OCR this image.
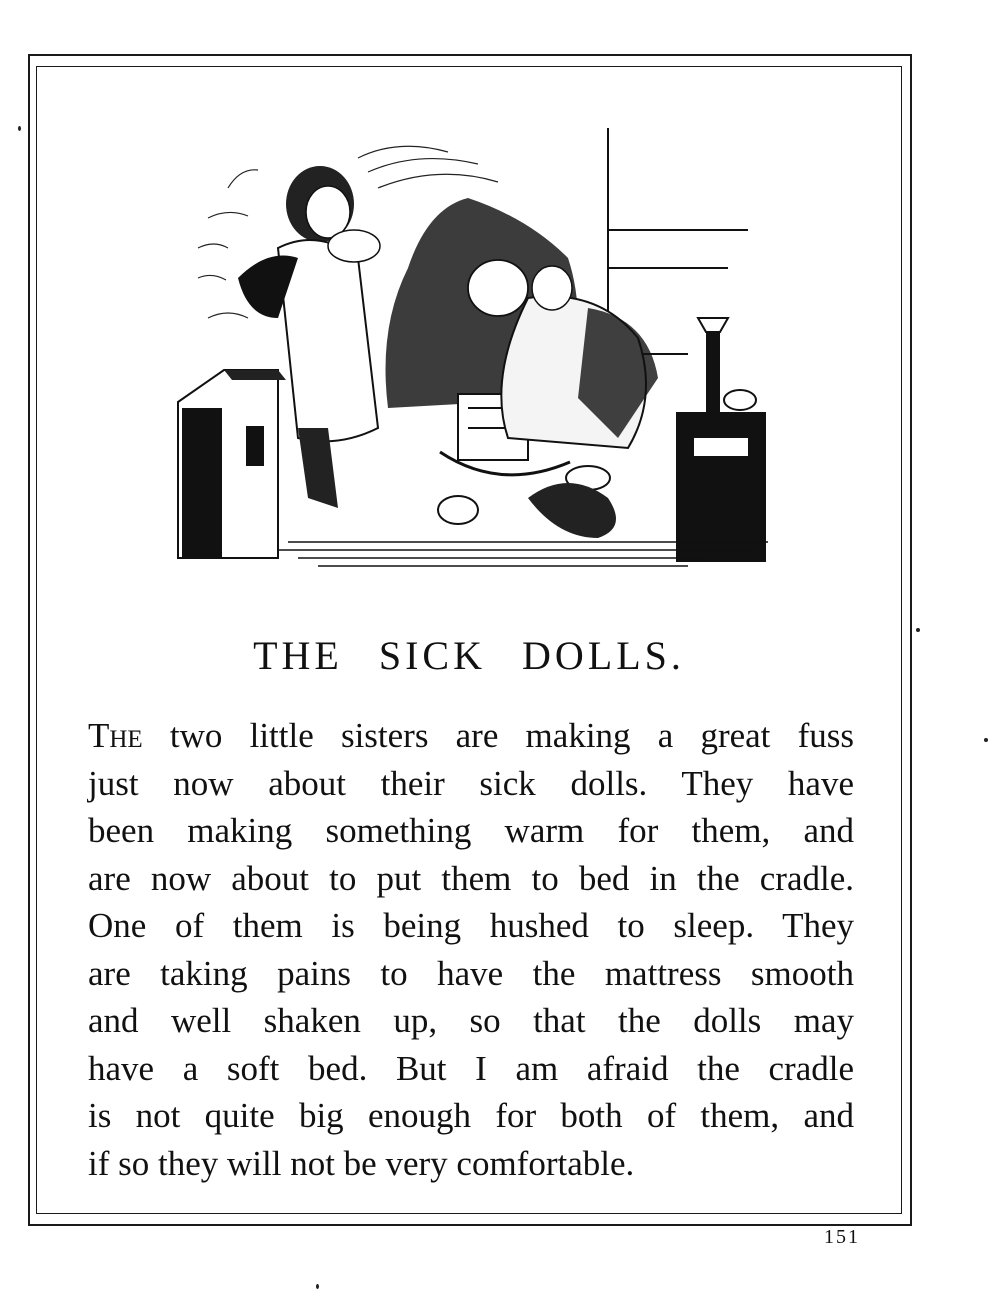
THE SICK DOLLS.
The two little sisters are making a great fuss
just now about their sick dolls. They have
been making something warm for them, and
are now about to put them to bed in the cradle.
One of them is being hushed to sleep. They
are taking pains to have the mattress smooth
and well shaken up, so that the dolls may
have a soft bed. But I am afraid the cradle
is not quite big enough for both of them, and
if so they will not be very comfortable.
151
